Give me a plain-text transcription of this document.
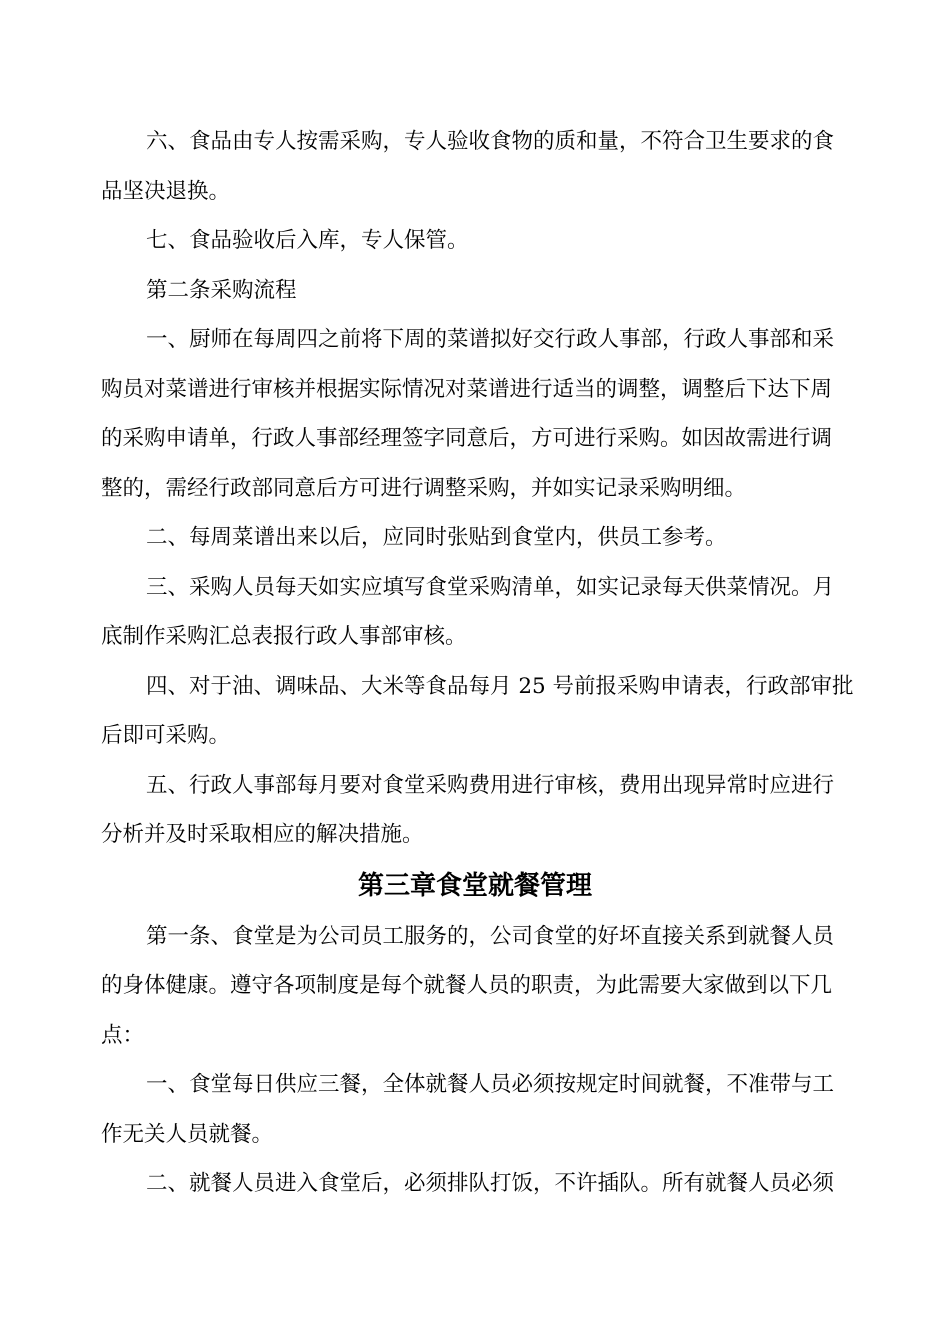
六、食品由专人按需采购，专人验收食物的质和量，不符合卫生要求的食
品坚决退换。
七、食品验收后入库，专人保管。
第二条采购流程
一、厨师在每周四之前将下周的菜谱拟好交行政人事部，行政人事部和采
购员对菜谱进行审核并根据实际情况对菜谱进行适当的调整，调整后下达下周
的采购申请单，行政人事部经理签字同意后，方可进行采购。如因故需进行调
整的，需经行政部同意后方可进行调整采购，并如实记录采购明细。
二、每周菜谱出来以后，应同时张贴到食堂内，供员工参考。
三、采购人员每天如实应填写食堂采购清单，如实记录每天供菜情况。月
底制作采购汇总表报行政人事部审核。
四、对于油、调味品、大米等食品每月 25 号前报采购申请表，行政部审批
后即可采购。
五、行政人事部每月要对食堂采购费用进行审核，费用出现异常时应进行
分析并及时采取相应的解决措施。
第三章食堂就餐管理
第一条、食堂是为公司员工服务的，公司食堂的好坏直接关系到就餐人员
的身体健康。遵守各项制度是每个就餐人员的职责，为此需要大家做到以下几
点：
一、食堂每日供应三餐，全体就餐人员必须按规定时间就餐，不准带与工
作无关人员就餐。
二、就餐人员进入食堂后，必须排队打饭，不许插队。所有就餐人员必须
